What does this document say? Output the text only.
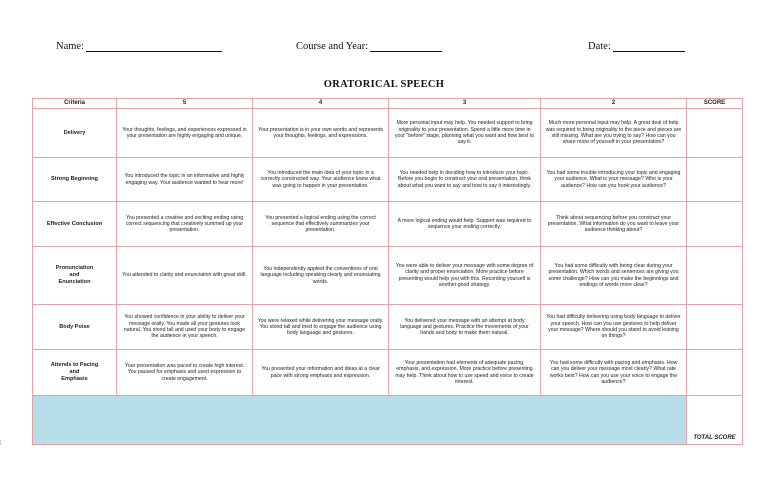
Name:	Course and Year:	Date:
ORATORICAL SPEECH
Criteria	5	4	3	2	SCORE
Delivery	Your thoughts, feelings, and experiences expressed in your presentation are highly engaging and unique.	Your presentation is in your own words and represents your thoughts, feelings, and expressions.	More personal input may help. You needed support to bring originality to your presentation. Spend a little more time in your "before" stage, planning what you want and how best to say it.	Much more personal input may help. A great deal of help was required to bring originality to the piece and pieces are still missing. What are you trying to say? How can you share more of yourself in your presentation?	
Strong Beginning	You introduced the topic in an informative and highly engaging way. Your audience wanted to hear more!	You introduced the main idea of your topic in a correctly constructed way. Your audience knew what was going to happen in your presentation.	You needed help in deciding how to introduce your topic. Before you begin to construct your oral presentation, think about what you want to say and how to say it interestingly.	You had some trouble introducing your topic and engaging your audience. What is your message? Who is your audience? How can you hook your audience?	
Effective Conclusion	You presented a creative and exciting ending using correct sequencing that creatively summed up your presentation.	You presented a logical ending using the correct sequence that effectively summarizes your presentation.	A more logical ending would help. Support was required to sequence your ending correctly.	Think about sequencing before you construct your presentation. What information do you want to leave your audience thinking about?	
Pronunciation
and
Enunciation	You attended to clarity and enunciation with great skill.	You independently applied the conventions of oral language including speaking clearly and enunciating words.	You were able to deliver your message with some degree of clarity and proper enunciation. More practice before presenting would help you with this. Recording yourself is another good strategy.	You had some difficulty with being clear during your presentation. Which words and sentences are giving you some challenge? How can you make the beginnings and endings of words more clear?	
Body Poise	You showed confidence in your ability to deliver your message orally. You made all your gestures look natural. You stood tall and used your body to engage the audience in your speech.	You were relaxed while delivering your message orally. You stood tall and tried to engage the audience using body language and gestures.	You delivered your message with an attempt at body language and gestures. Practice the movements of your hands and body to make them natural.	You had difficulty delivering using body language to deliver your speech. How can you use gestures to help deliver your message? Where should you stand to avoid leaning on things?	
Attends to Pacing
and
Emphasis	Your presentation was paced to create high interest. You paused for emphasis and used expression to create engagement.	You presented your information and ideas at a clear pace with strong emphasis and expression.	Your presentation had elements of adequate pacing, emphasis, and expression. More practice before presenting may help. Think about how to use speed and voice to create interest.	You had some difficulty with pacing and emphasis. How can you deliver your message most clearly? What rate works best? How can you use your voice to engage the audience?	
					TOTAL SCORE
¦
